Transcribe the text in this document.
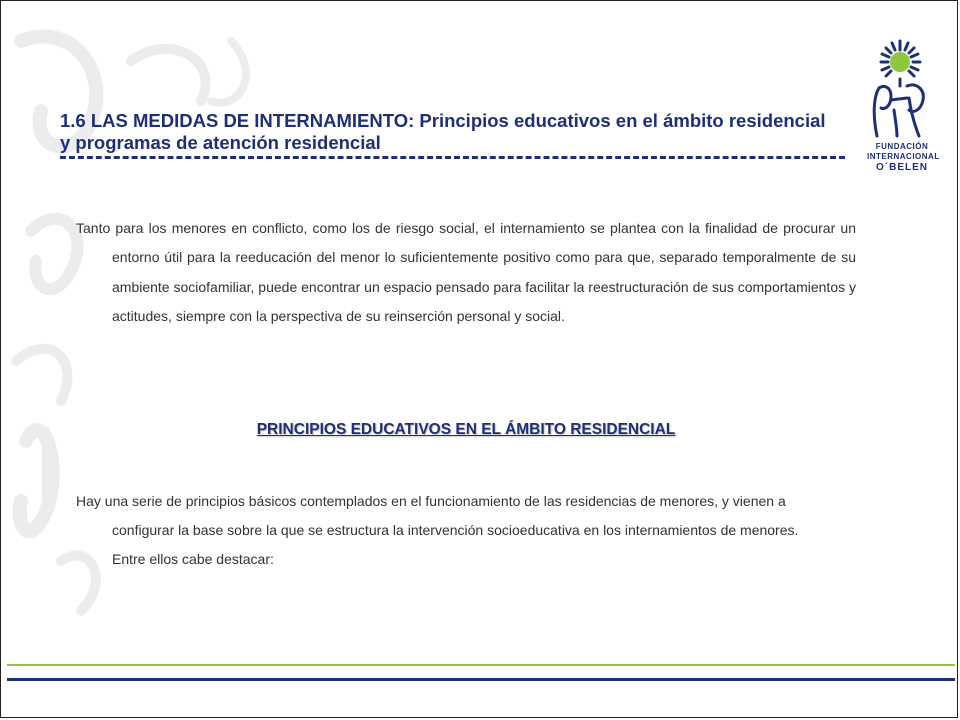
1.6 LAS MEDIDAS DE INTERNAMIENTO: Principios educativos en el ámbito residencial y programas de atención residencial

Tanto para los menores en conflicto, como los de riesgo social, el internamiento se plantea con la finalidad de procurar un entorno útil para la reeducación del menor lo suficientemente positivo como para que, separado temporalmente de su ambiente sociofamiliar, puede encontrar un espacio pensado para facilitar la reestructuración de sus comportamientos y actitudes, siempre con la perspectiva de su reinserción personal y social.

PRINCIPIOS EDUCATIVOS EN EL ÁMBITO RESIDENCIAL

Hay una serie de principios básicos contemplados en el funcionamiento de las residencias de menores, y vienen a configurar la base sobre la que se estructura la intervención socioeducativa en los internamientos de menores. Entre ellos cabe destacar:

FUNDACIÓN
INTERNACIONAL
O´BELEN
